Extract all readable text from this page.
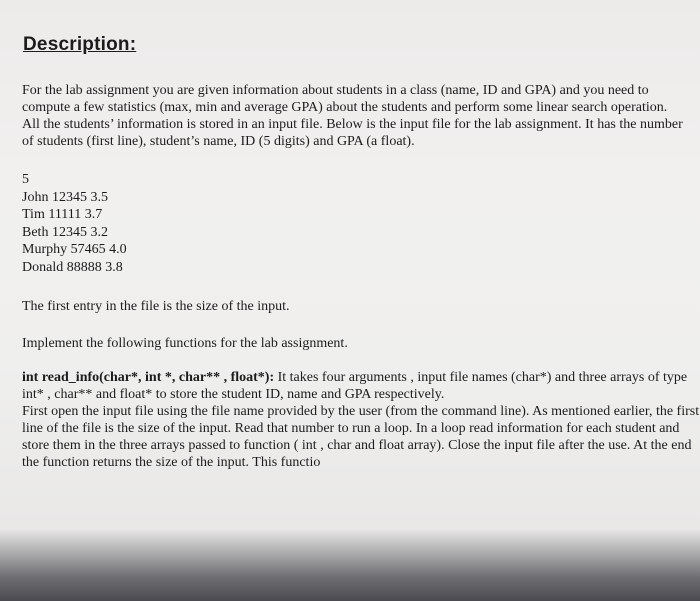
Description:
For the lab assignment you are given information about students in a class (name, ID and GPA) and you need to compute a few statistics (max, min and average GPA) about the students and perform some linear search operation. All the students’ information is stored in an input file. Below is the input file for the lab assignment. It has the number of students (first line), student’s name, ID (5 digits) and GPA (a float).
5
John 12345 3.5
Tim 11111 3.7
Beth 12345 3.2
Murphy 57465 4.0
Donald 88888 3.8
The first entry in the file is the size of the input.
Implement the following functions for the lab assignment.
int read_info(char*, int *, char** , float*): It takes four arguments , input file names (char*) and three arrays of type int* , char** and float* to store the student ID, name and GPA respectively.
First open the input file using the file name provided by the user (from the command line). As mentioned earlier, the first line of the file is the size of the input. Read that number to run a loop. In a loop read information for each student and store them in the three arrays passed to function ( int , char and float array). Close the input file after the use. At the end the function returns the size of the input. This functio
